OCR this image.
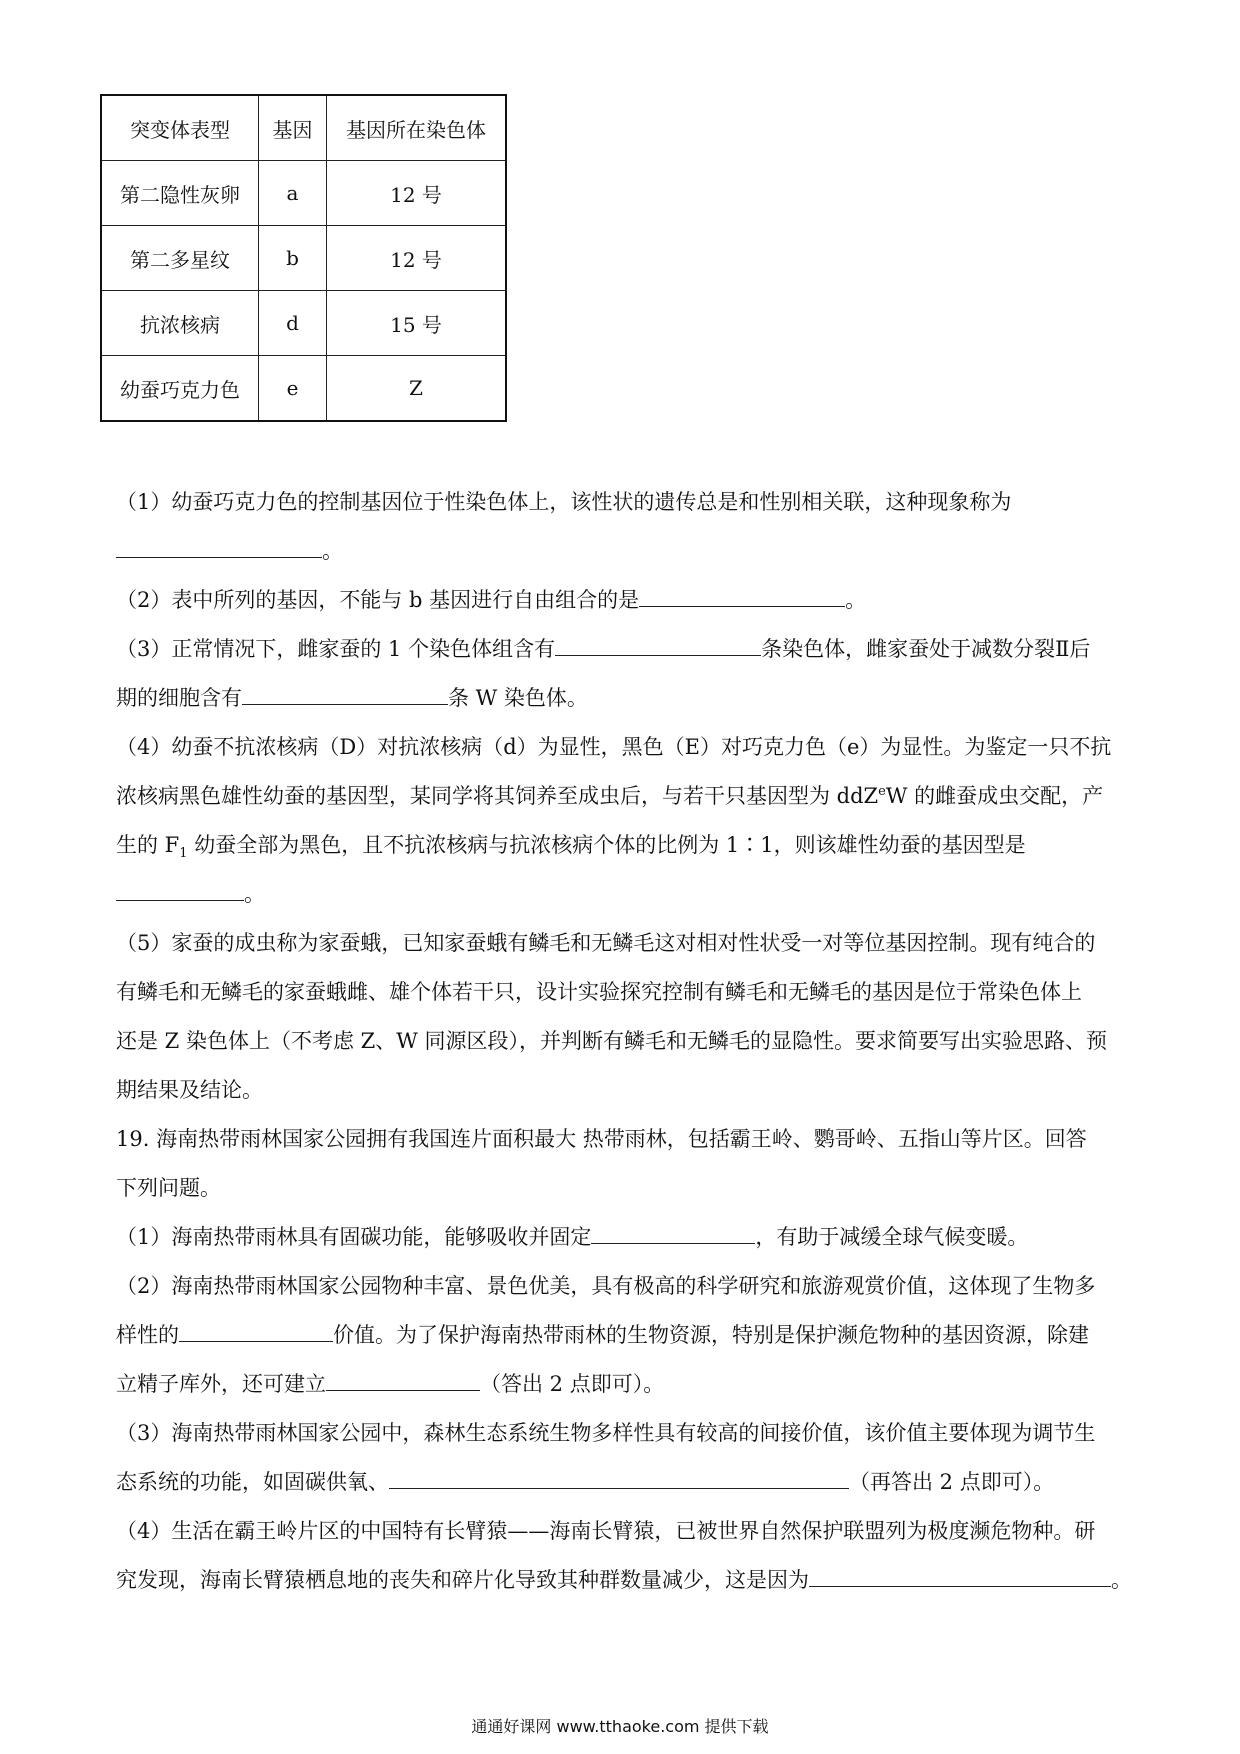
突变体表型	基因	基因所在染色体
第二隐性灰卵	a	12 号
第二多星纹	b	12 号
抗浓核病	d	15 号
幼蚕巧克力色	e	Z
（1）幼蚕巧克力色的控制基因位于性染色体上，该性状的遗传总是和性别相关联，这种现象称为
。
（2）表中所列的基因，不能与 b 基因进行自由组合的是	。
（3）正常情况下，雌家蚕的 1 个染色体组含有	条染色体，雌家蚕处于减数分裂Ⅱ后
期的细胞含有	条 W 染色体。
（4）幼蚕不抗浓核病（D）对抗浓核病（d）为显性，黑色（E）对巧克力色（e）为显性。为鉴定一只不抗
浓核病黑色雄性幼蚕的基因型，某同学将其饲养至成虫后，与若干只基因型为 ddZ$^e$W 的雌蚕成虫交配，产
生的 $F_1$ 幼蚕全部为黑色，且不抗浓核病与抗浓核病个体的比例为 1∶1，则该雄性幼蚕的基因型是
。
（5）家蚕的成虫称为家蚕蛾，已知家蚕蛾有鳞毛和无鳞毛这对相对性状受一对等位基因控制。现有纯合的
有鳞毛和无鳞毛的家蚕蛾雌、雄个体若干只，设计实验探究控制有鳞毛和无鳞毛的基因是位于常染色体上
还是 Z 染色体上（不考虑 Z、W 同源区段），并判断有鳞毛和无鳞毛的显隐性。要求简要写出实验思路、预
期结果及结论。
19. 海南热带雨林国家公园拥有我国连片面积最大 热带雨林，包括霸王岭、鹦哥岭、五指山等片区。回答
下列问题。
（1）海南热带雨林具有固碳功能，能够吸收并固定	，有助于减缓全球气候变暖。
（2）海南热带雨林国家公园物种丰富、景色优美，具有极高的科学研究和旅游观赏价值，这体现了生物多
样性的	价值。为了保护海南热带雨林的生物资源，特别是保护濒危物种的基因资源，除建
立精子库外，还可建立	（答出 2 点即可）。
（3）海南热带雨林国家公园中，森林生态系统生物多样性具有较高的间接价值，该价值主要体现为调节生
态系统的功能，如固碳供氧、	（再答出 2 点即可）。
（4）生活在霸王岭片区的中国特有长臂猿——海南长臂猿，已被世界自然保护联盟列为极度濒危物种。研
究发现，海南长臂猿栖息地的丧失和碎片化导致其种群数量减少，这是因为	。
通通好课网 www.tthaoke.com 提供下载
